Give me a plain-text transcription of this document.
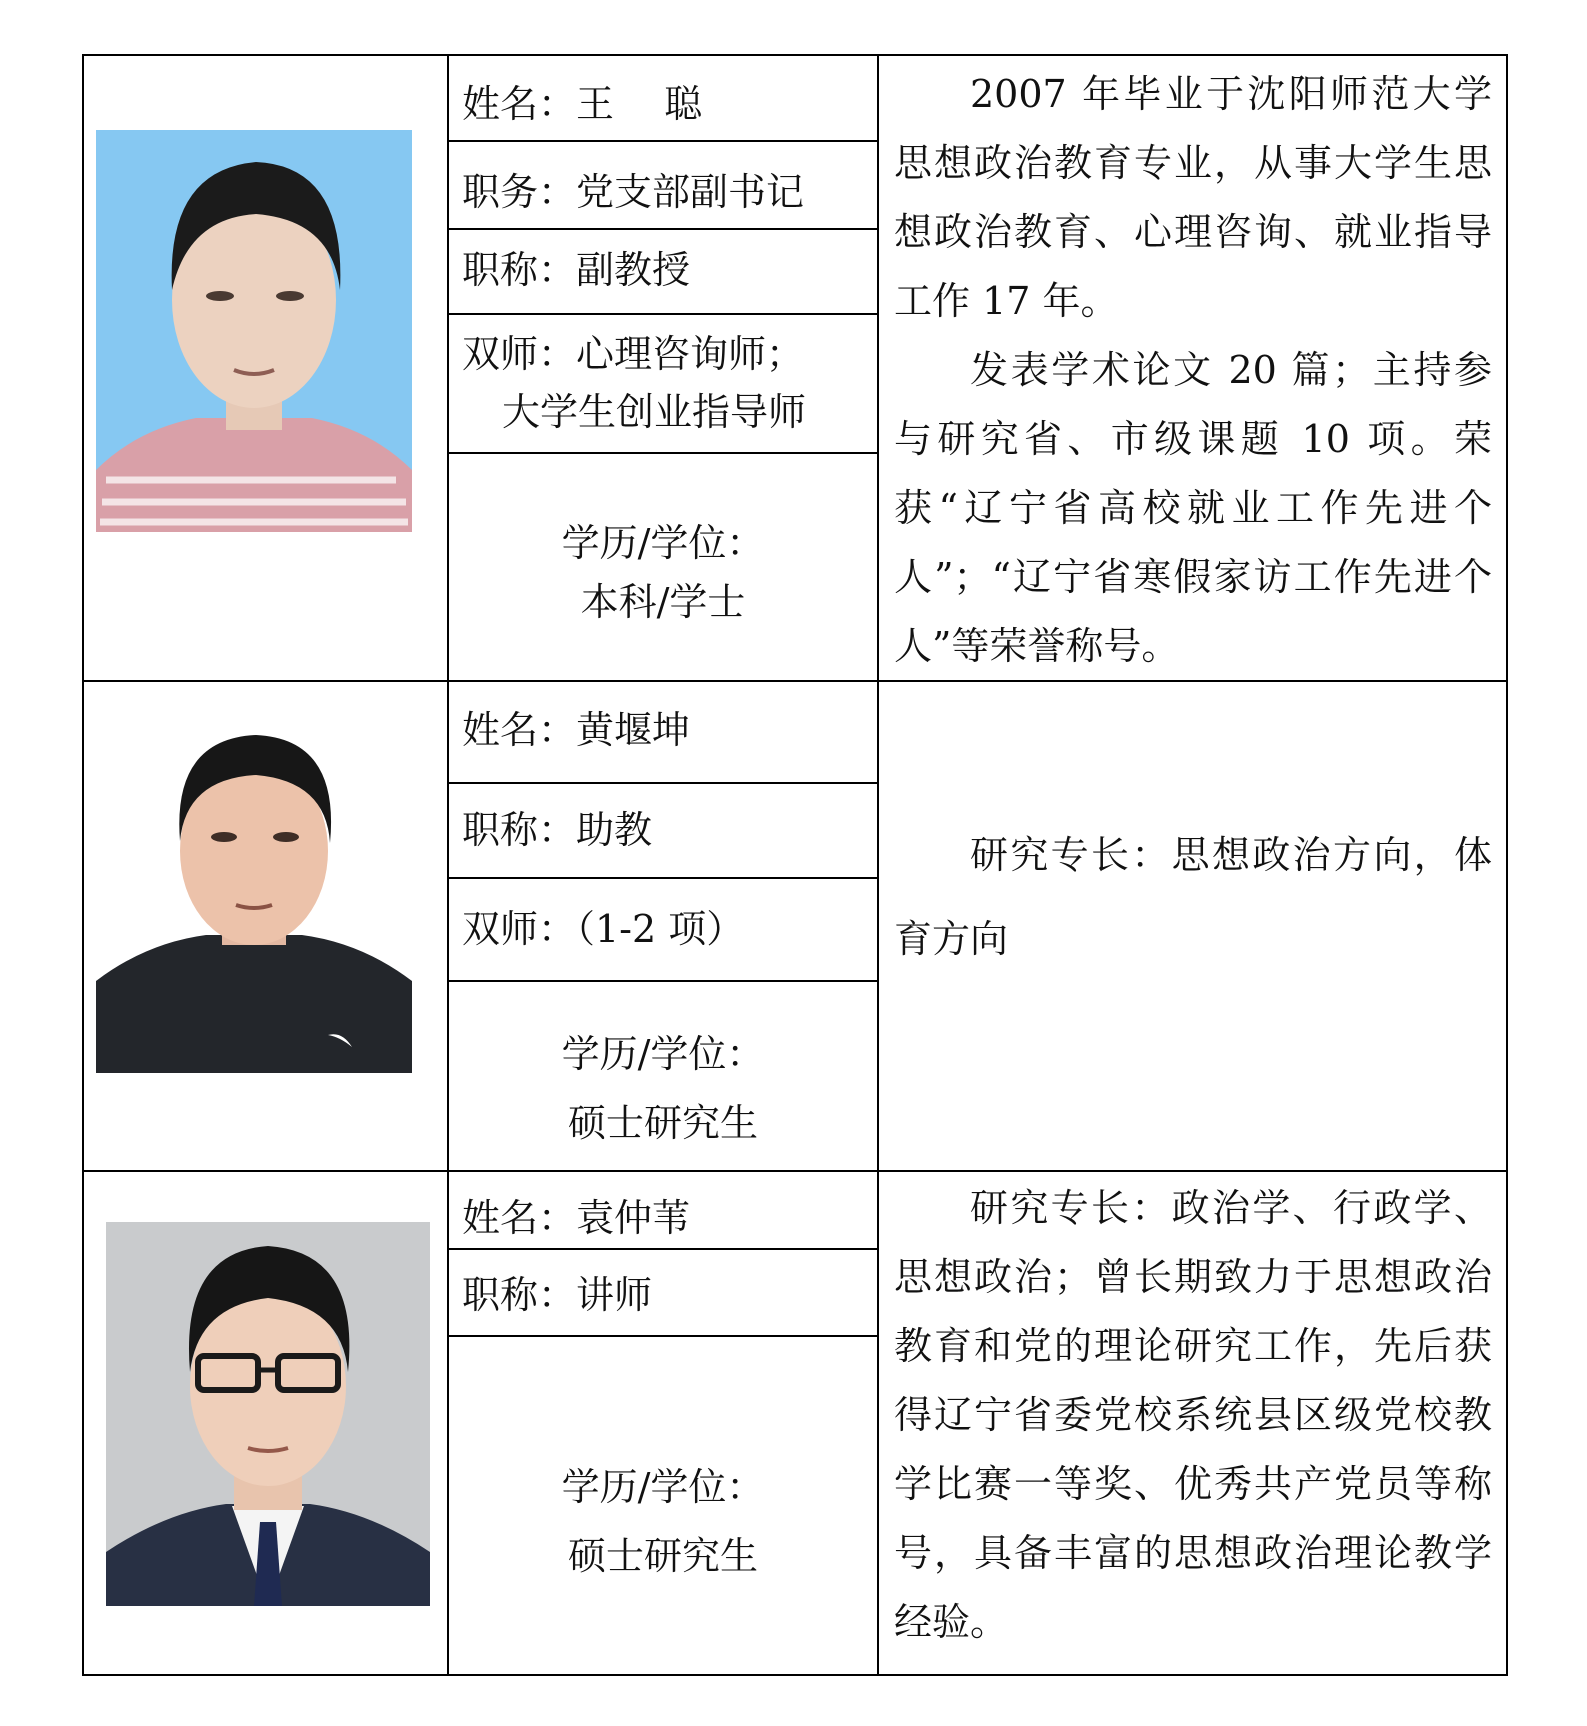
姓名：王　 聪
职务：党支部副书记
职称：副教授
双师：心理咨询师；
大学生创业指导师
学历/学位：
本科/学士

2007 年毕业于沈阳师范大学思想政治教育专业，从事大学生思想政治教育、心理咨询、就业指导工作 17 年。

发表学术论文 20 篇；主持参与研究省、市级课题 10 项。荣获“辽宁省高校就业工作先进个人”；“辽宁省寒假家访工作先进个人”等荣誉称号。

姓名：黄堰坤
职称：助教
双师：（1-2 项）
学历/学位：
硕士研究生

研究专长：思想政治方向，体育方向

姓名：袁仲苇
职称：讲师
学历/学位：
硕士研究生

研究专长：政治学、行政学、思想政治；曾长期致力于思想政治教育和党的理论研究工作，先后获得辽宁省委党校系统县区级党校教学比赛一等奖、优秀共产党员等称号，具备丰富的思想政治理论教学经验。
